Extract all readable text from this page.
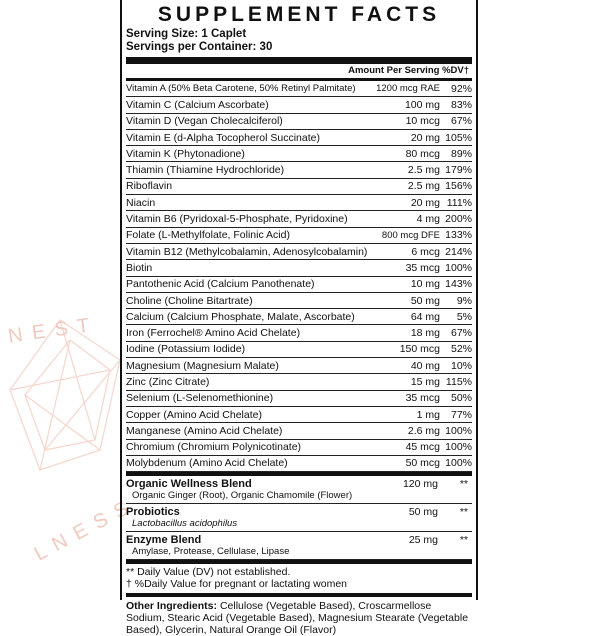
N E S T
L N E S S
SUPPLEMENT FACTS
Serving Size: 1 Caplet
Servings per Container: 30
Amount Per Serving %DV†
Vitamin A (50% Beta Carotene, 50% Retinyl Palmitate)	1200 mcg RAE	92%
Vitamin C (Calcium Ascorbate)	100 mg	83%
Vitamin D (Vegan Cholecalciferol)	10 mcg	67%
Vitamin E (d-Alpha Tocopherol Succinate)	20 mg 105%
Vitamin K (Phytonadione)	80 mcg	89%
Thiamin (Thiamine Hydrochloride)	2.5 mg 179%
Riboflavin	2.5 mg 156%
Niacin	20 mg 111%
Vitamin B6 (Pyridoxal-5-Phosphate, Pyridoxine)	4 mg 200%
Folate (L-Methylfolate, Folinic Acid)	800 mcg DFE 133%
Vitamin B12 (Methylcobalamin, Adenosylcobalamin)	6 mcg 214%
Biotin	35 mcg 100%
Pantothenic Acid (Calcium Panothenate)	10 mg 143%
Choline (Choline Bitartrate)	50 mg	9%
Calcium (Calcium Phosphate, Malate, Ascorbate)	64 mg	5%
Iron (Ferrochel® Amino Acid Chelate)	18 mg	67%
Iodine (Potassium Iodide)	150 mcg	52%
Magnesium (Magnesium Malate)	40 mg	10%
Zinc (Zinc Citrate)	15 mg 115%
Selenium (L-Selenomethionine)	35 mcg	50%
Copper (Amino Acid Chelate)	1 mg	77%
Manganese (Amino Acid Chelate)	2.6 mg 100%
Chromium (Chromium Polynicotinate)	45 mcg 100%
Molybdenum (Amino Acid Chelate)	50 mcg 100%
Organic Wellness Blend
Organic Ginger (Root), Organic Chamomile (Flower)
120 mg **
Probiotics
Lactobacillus acidophilus
50 mg **
Enzyme Blend
Amylase, Protease, Cellulase, Lipase
25 mg **
** Daily Value (DV) not established.
† %Daily Value for pregnant or lactating women
Other Ingredients: Cellulose (Vegetable Based), Croscarmellose Sodium, Stearic Acid (Vegetable Based), Magnesium Stearate (Vegetable Based), Glycerin, Natural Orange Oil (Flavor)
